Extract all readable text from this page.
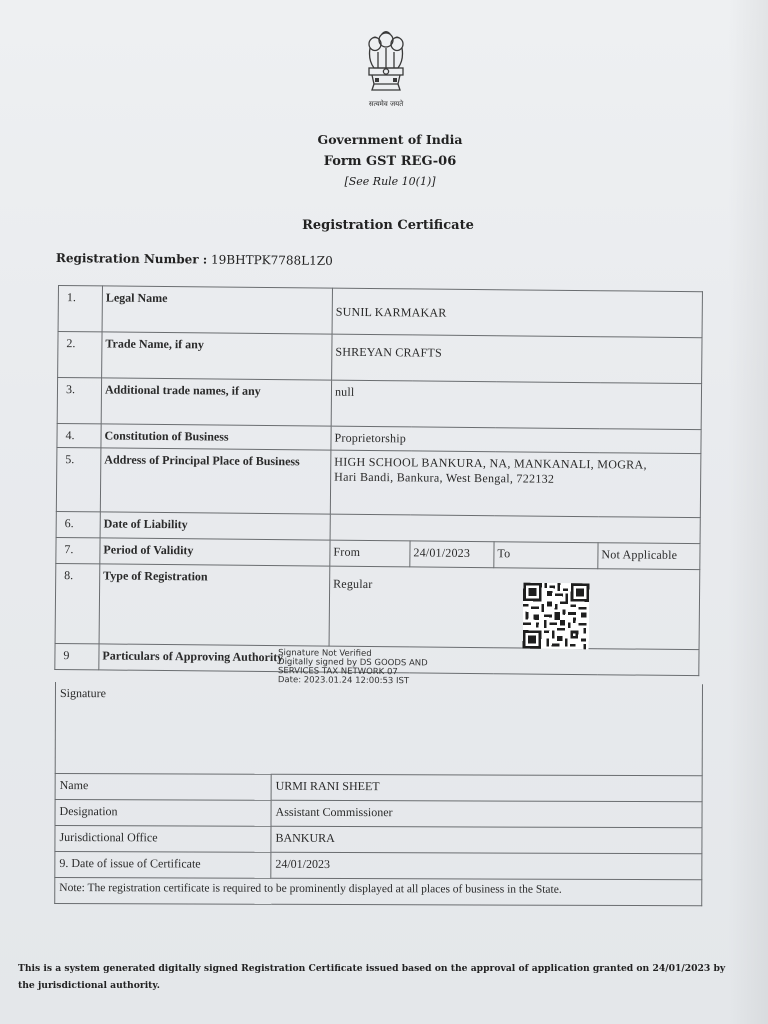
सत्यमेव जयते
Government of India
Form GST REG-06
[See Rule 10(1)]
Registration Certificate
Registration Number : 19BHTPK7788L1Z0
1.	Legal Name	SUNIL KARMAKAR			
2.	Trade Name, if any	SHREYAN CRAFTS			
3.	Additional trade names, if any	null			
4.	Constitution of Business	Proprietorship			
5.	Address of Principal Place of Business	HIGH SCHOOL BANKURA, NA, MANKANALI, MOGRA,
Hari Bandi, Bankura, West Bengal, 722132			

6.	Date of Liability				
7.	Period of Validity	From	24/01/2023	To	Not Applicable
8.	Type of Registration	Regular			
9	Particulars of Approving Authority				
Signature Not Verified
Digitally signed by DS GOODS AND
SERVICES TAX NETWORK 07
Date: 2023.01.24 12:00:53 IST
Signature	
Name	URMI RANI SHEET
Designation	Assistant Commissioner
Jurisdictional Office	BANKURA
9. Date of issue of Certificate	24/01/2023
Note: The registration certificate is required to be prominently displayed at all places of business in the State.	
This is a system generated digitally signed Registration Certificate issued based on the approval of application granted on 24/01/2023 by the jurisdictional authority.
